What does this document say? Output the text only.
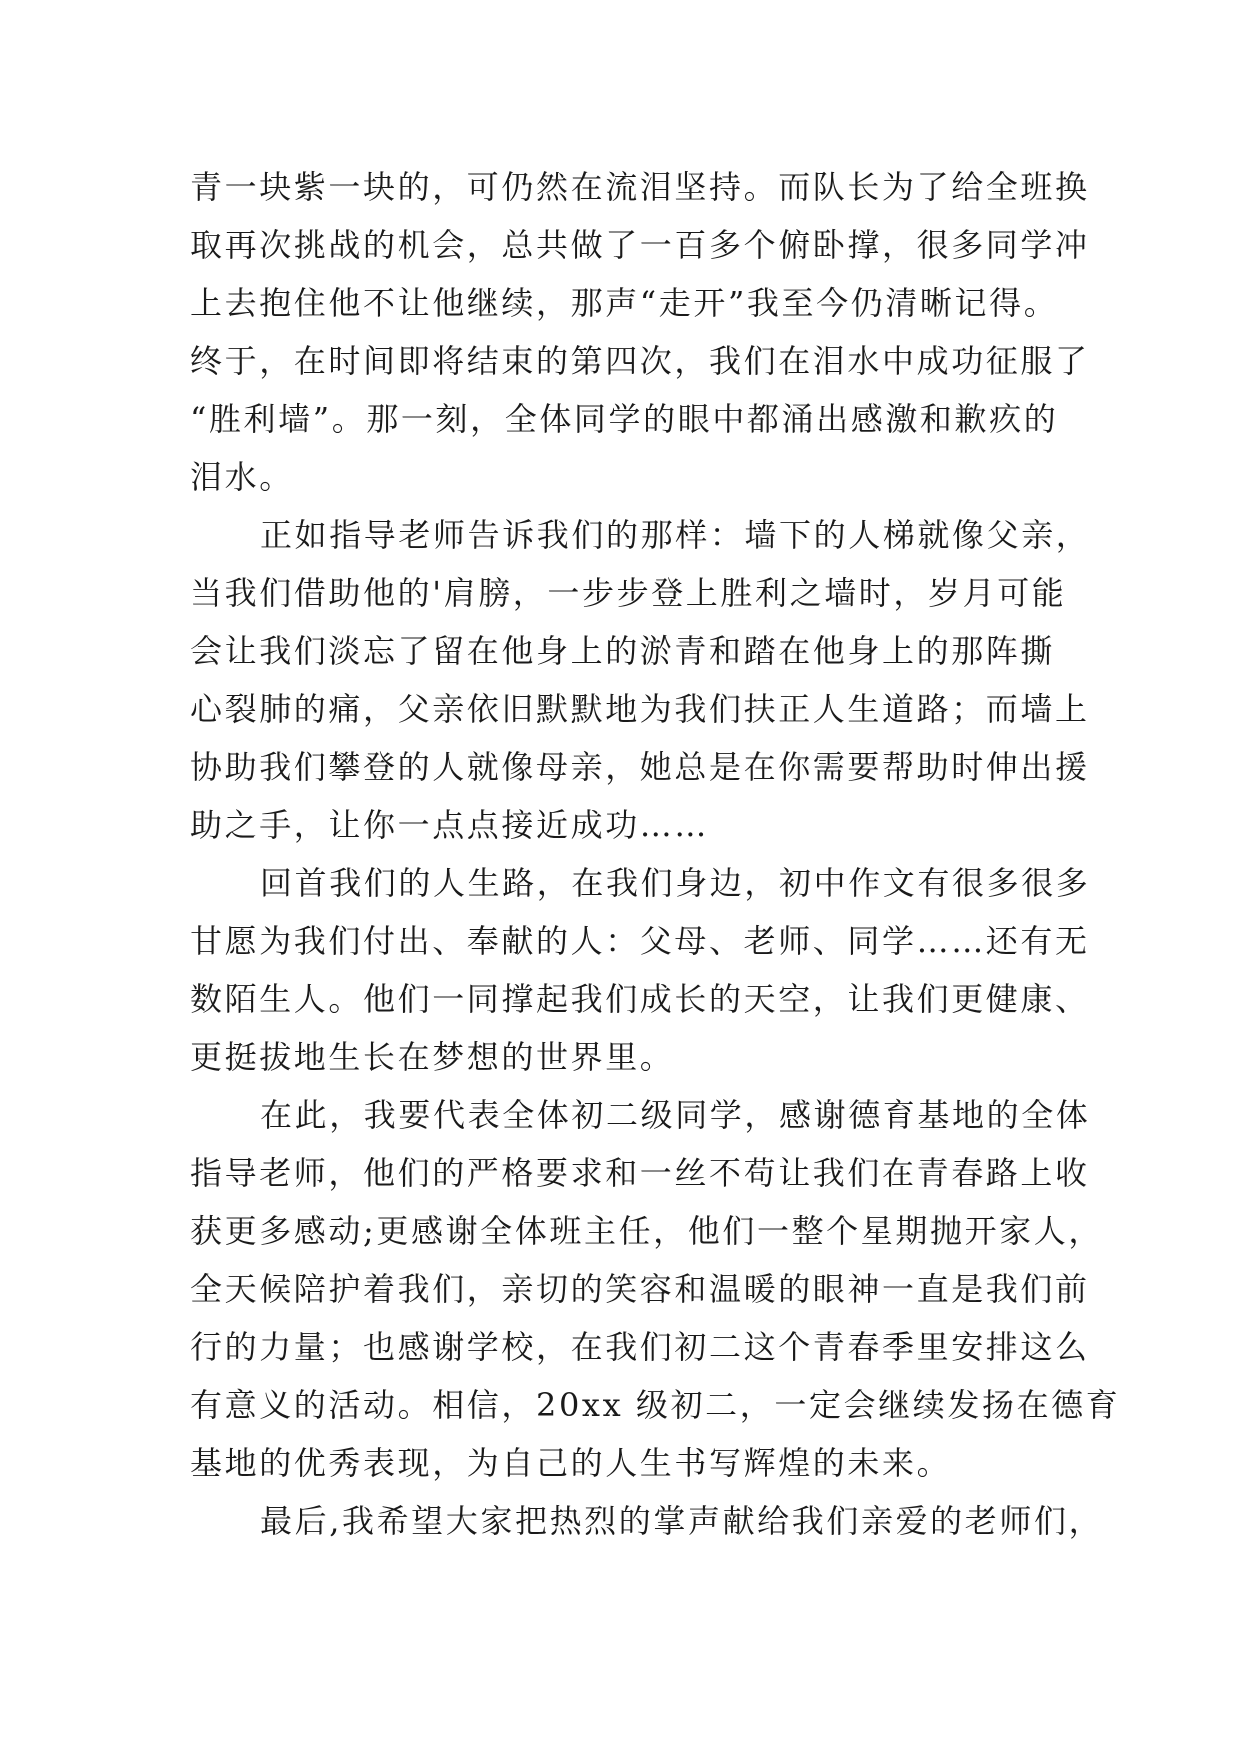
青一块紫一块的，可仍然在流泪坚持。而队长为了给全班换
取再次挑战的机会，总共做了一百多个俯卧撑，很多同学冲
上去抱住他不让他继续，那声“走开”我至今仍清晰记得。
终于，在时间即将结束的第四次，我们在泪水中成功征服了
“胜利墙”。那一刻，全体同学的眼中都涌出感激和歉疚的
泪水。
正如指导老师告诉我们的那样：墙下的人梯就像父亲，
当我们借助他的'肩膀，一步步登上胜利之墙时，岁月可能
会让我们淡忘了留在他身上的淤青和踏在他身上的那阵撕
心裂肺的痛，父亲依旧默默地为我们扶正人生道路；而墙上
协助我们攀登的人就像母亲，她总是在你需要帮助时伸出援
助之手，让你一点点接近成功……
回首我们的人生路，在我们身边，初中作文有很多很多
甘愿为我们付出、奉献的人：父母、老师、同学……还有无
数陌生人。他们一同撑起我们成长的天空，让我们更健康、
更挺拔地生长在梦想的世界里。
在此，我要代表全体初二级同学，感谢德育基地的全体
指导老师，他们的严格要求和一丝不苟让我们在青春路上收
获更多感动;更感谢全体班主任，他们一整个星期抛开家人，
全天候陪护着我们，亲切的笑容和温暖的眼神一直是我们前
行的力量；也感谢学校，在我们初二这个青春季里安排这么
有意义的活动。相信，20xx 级初二，一定会继续发扬在德育
基地的优秀表现，为自己的人生书写辉煌的未来。
最后,我希望大家把热烈的掌声献给我们亲爱的老师们，
